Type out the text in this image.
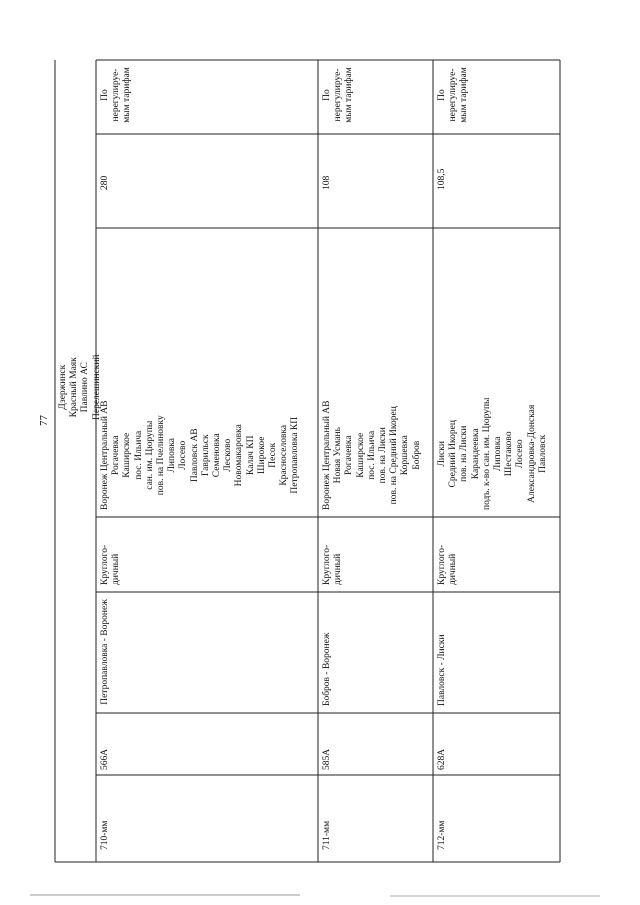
77
Дзержинск Красный Маяк Павлино АС Перелешинский
710-мм
566А
Петропавловка - Воронеж
Круглого- дичный
Воронеж Центральный АВ Рогачевка Каширское пос. Ильича сан. им. Цюрупы пов. на Пчелиновку Липовка Лосево Павловск АВ Гаврильск Семеновка Лесково Новомакаровка Калач КП Широкое Песок Красноселовка Петропавловка КП
280
По нерегулируе- мым тарифам
711-мм
585А
Бобров - Воронеж
Круглого- дичный
Воронеж Центральный АВ Новая Усмань Рогачевка Каширское пос. Ильича пов. на Лиски пов. на Средний Икорец Коршевка Бобров
108
По нерегулируе- мым тарифам
712-мм
628А
Павловск - Лиски
Круглого- дичный
Лиски Средний Икорец пов. на Лиски Карандеевка подъ. к-во сан. им. Цюрупы Липовка Шестаково Лосево Александровка-Донская Павловск
108,5
По нерегулируе- мым тарифам
